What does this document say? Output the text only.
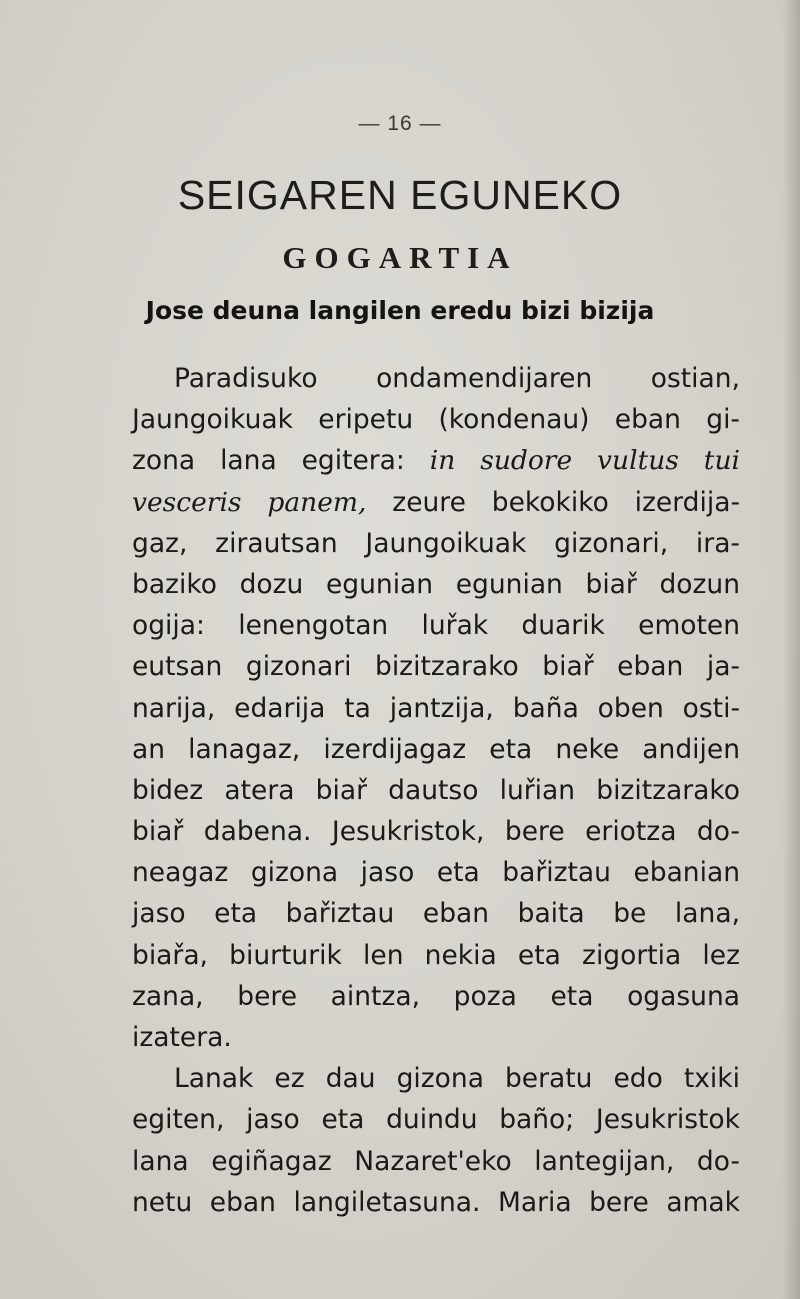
— 16 —
SEIGAREN EGUNEKO
GOGARTIA
Jose deuna langilen eredu bizi bizija
Paradisuko ondamendijaren ostian,
Jaungoikuak eripetu (kondenau) eban gi-
zona lana egitera: in sudore vultus tui
vesceris panem, zeure bekokiko izerdija-
gaz, zirautsan Jaungoikuak gizonari, ira-
baziko dozu egunian egunian biař dozun
ogija: lenengotan luřak duarik emoten
eutsan gizonari bizitzarako biař eban ja-
narija, edarija ta jantzija, baña oben osti-
an lanagaz, izerdijagaz eta neke andijen
bidez atera biař dautso luřian bizitzarako
biař dabena. Jesukristok, bere eriotza do-
neagaz gizona jaso eta bařiztau ebanian
jaso eta bařiztau eban baita be lana,
biařa, biurturik len nekia eta zigortia lez
zana, bere aintza, poza eta ogasuna
izatera.
Lanak ez dau gizona beratu edo txiki
egiten, jaso eta duindu baño; Jesukristok
lana egiñagaz Nazaret'eko lantegijan, do-
netu eban langiletasuna. Maria bere amak
